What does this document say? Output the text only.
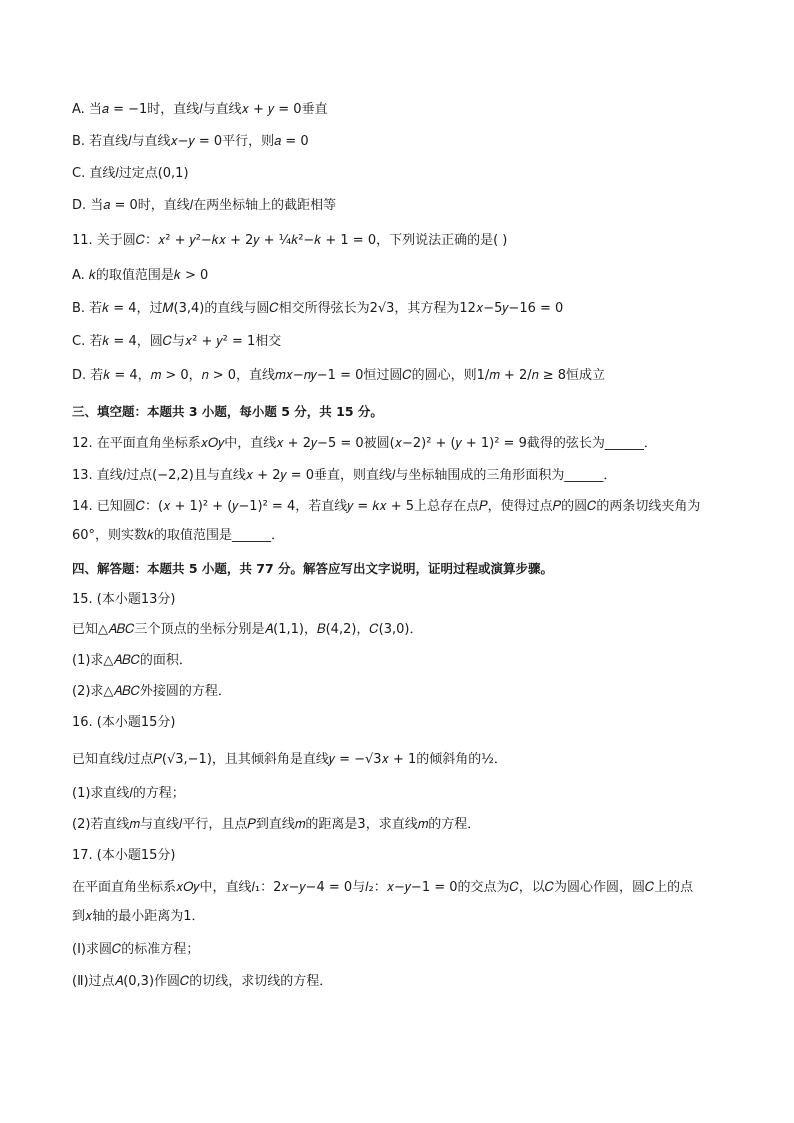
A. 当𝑎 = −1时，直线𝑙与直线𝑥 + 𝑦 = 0垂直
B. 若直线𝑙与直线𝑥−𝑦 = 0平行，则𝑎 = 0
C. 直线𝑙过定点(0,1)
D. 当𝑎 = 0时，直线𝑙在两坐标轴上的截距相等
11. 关于圆𝐶：𝑥² + 𝑦²−𝑘𝑥 + 2𝑦 + ¼𝑘²−𝑘 + 1 = 0，下列说法正确的是( )
A. 𝑘的取值范围是𝑘 > 0
B. 若𝑘 = 4，过𝑀(3,4)的直线与圆𝐶相交所得弦长为2√3，其方程为12𝑥−5𝑦−16 = 0
C. 若𝑘 = 4，圆𝐶与𝑥² + 𝑦² = 1相交
D. 若𝑘 = 4，𝑚 > 0，𝑛 > 0，直线𝑚𝑥−𝑛𝑦−1 = 0恒过圆𝐶的圆心，则1/𝑚 + 2/𝑛 ≥ 8恒成立
三、填空题：本题共 3 小题，每小题 5 分，共 15 分。
12. 在平面直角坐标系𝑥𝑂𝑦中，直线𝑥 + 2𝑦−5 = 0被圆(𝑥−2)² + (𝑦 + 1)² = 9截得的弦长为______．
13. 直线𝑙过点(−2,2)且与直线𝑥 + 2𝑦 = 0垂直，则直线𝑙与坐标轴围成的三角形面积为______．
14. 已知圆𝐶：(𝑥 + 1)² + (𝑦−1)² = 4，若直线𝑦 = 𝑘𝑥 + 5上总存在点𝑃，使得过点𝑃的圆𝐶的两条切线夹角为
60°，则实数𝑘的取值范围是______．
四、解答题：本题共 5 小题，共 77 分。解答应写出文字说明，证明过程或演算步骤。
15. (本小题13分)
已知△𝐴𝐵𝐶三个顶点的坐标分别是𝐴(1,1)，𝐵(4,2)，𝐶(3,0)．
(1)求△𝐴𝐵𝐶的面积．
(2)求△𝐴𝐵𝐶外接圆的方程．
16. (本小题15分)
已知直线𝑙过点𝑃(√3,−1)，且其倾斜角是直线𝑦 = −√3𝑥 + 1的倾斜角的½．
(1)求直线𝑙的方程；
(2)若直线𝑚与直线𝑙平行，且点𝑃到直线𝑚的距离是3，求直线𝑚的方程．
17. (本小题15分)
在平面直角坐标系𝑥𝑂𝑦中，直线𝑙₁：2𝑥−𝑦−4 = 0与𝑙₂：𝑥−𝑦−1 = 0的交点为𝐶，以𝐶为圆心作圆，圆𝐶上的点
到𝑥轴的最小距离为1．
(Ⅰ)求圆𝐶的标准方程；
(Ⅱ)过点𝐴(0,3)作圆𝐶的切线，求切线的方程．
